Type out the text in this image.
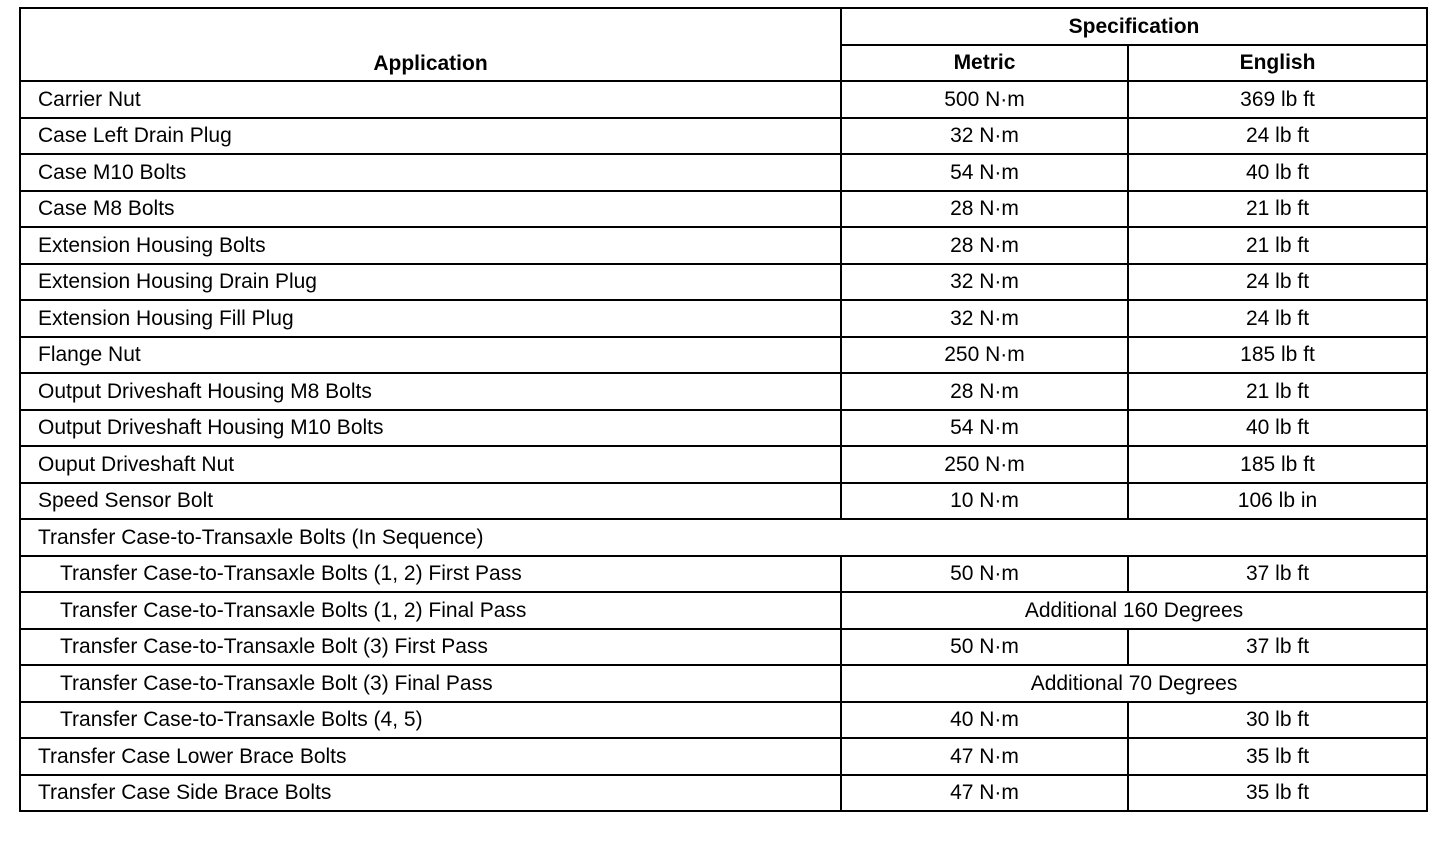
Application	Specification	
	Metric	English
Carrier Nut	500 N·m	369 lb ft
Case Left Drain Plug	32 N·m	24 lb ft
Case M10 Bolts	54 N·m	40 lb ft
Case M8 Bolts	28 N·m	21 lb ft
Extension Housing Bolts	28 N·m	21 lb ft
Extension Housing Drain Plug	32 N·m	24 lb ft
Extension Housing Fill Plug	32 N·m	24 lb ft
Flange Nut	250 N·m	185 lb ft
Output Driveshaft Housing M8 Bolts	28 N·m	21 lb ft
Output Driveshaft Housing M10 Bolts	54 N·m	40 lb ft
Ouput Driveshaft Nut	250 N·m	185 lb ft
Speed Sensor Bolt	10 N·m	106 lb in
Transfer Case-to-Transaxle Bolts (In Sequence)		
Transfer Case-to-Transaxle Bolts (1, 2) First Pass	50 N·m	37 lb ft
Transfer Case-to-Transaxle Bolts (1, 2) Final Pass	Additional 160 Degrees	
Transfer Case-to-Transaxle Bolt (3) First Pass	50 N·m	37 lb ft
Transfer Case-to-Transaxle Bolt (3) Final Pass	Additional 70 Degrees	
Transfer Case-to-Transaxle Bolts (4, 5)	40 N·m	30 lb ft
Transfer Case Lower Brace Bolts	47 N·m	35 lb ft
Transfer Case Side Brace Bolts	47 N·m	35 lb ft
